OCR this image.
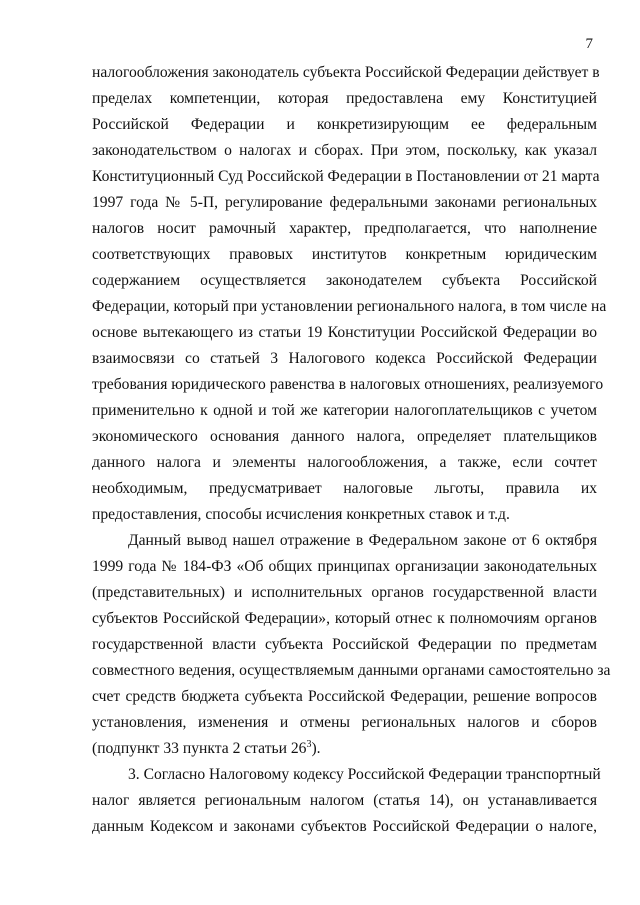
7
налогообложения законодатель субъекта Российской Федерации действует в
пределах компетенции, которая предоставлена ему Конституцией
Российской Федерации и конкретизирующим ее федеральным
законодательством о налогах и сборах. При этом, поскольку, как указал
Конституционный Суд Российской Федерации в Постановлении от 21 марта
1997 года № 5-П, регулирование федеральными законами региональных
налогов носит рамочный характер, предполагается, что наполнение
соответствующих правовых институтов конкретным юридическим
содержанием осуществляется законодателем субъекта Российской
Федерации, который при установлении регионального налога, в том числе на
основе вытекающего из статьи 19 Конституции Российской Федерации во
взаимосвязи со статьей 3 Налогового кодекса Российской Федерации
требования юридического равенства в налоговых отношениях, реализуемого
применительно к одной и той же категории налогоплательщиков с учетом
экономического основания данного налога, определяет плательщиков
данного налога и элементы налогообложения, а также, если сочтет
необходимым, предусматривает налоговые льготы, правила их
предоставления, способы исчисления конкретных ставок и т.д.
Данный вывод нашел отражение в Федеральном законе от 6 октября
1999 года № 184-ФЗ «Об общих принципах организации законодательных
(представительных) и исполнительных органов государственной власти
субъектов Российской Федерации», который отнес к полномочиям органов
государственной власти субъекта Российской Федерации по предметам
совместного ведения, осуществляемым данными органами самостоятельно за
счет средств бюджета субъекта Российской Федерации, решение вопросов
установления, изменения и отмены региональных налогов и сборов
(подпункт 33 пункта 2 статьи $26^3$).
3. Согласно Налоговому кодексу Российской Федерации транспортный
налог является региональным налогом (статья 14), он устанавливается
данным Кодексом и законами субъектов Российской Федерации о налоге,
